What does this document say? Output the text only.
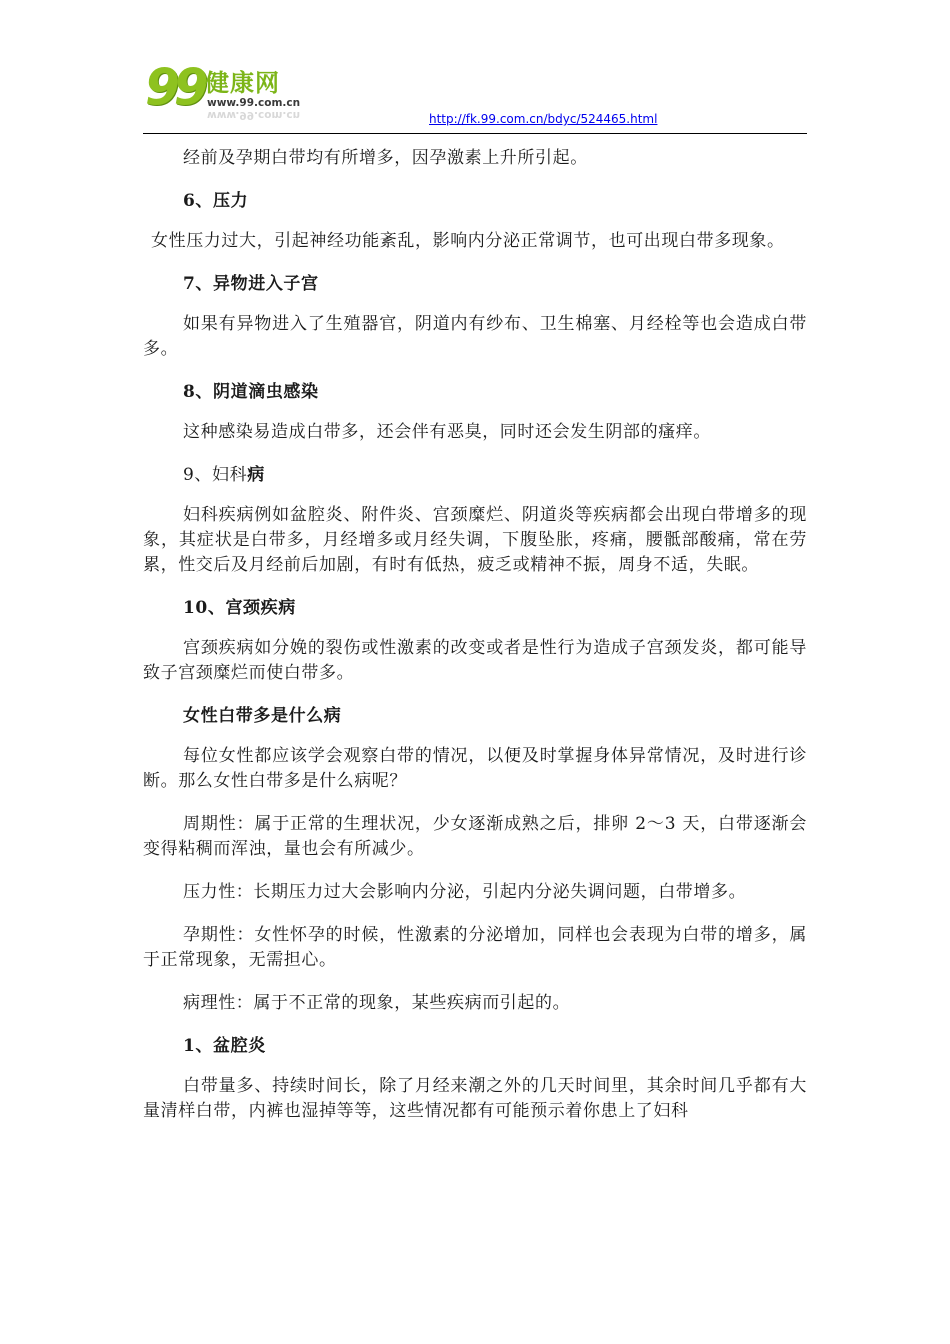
99 健康网
www.99.com.cn
www.99.com.cn	http://fk.99.com.cn/bdyc/524465.html

经前及孕期白带均有所增多，因孕激素上升所引起。

6、压力

女性压力过大，引起神经功能紊乱，影响内分泌正常调节，也可出现白带多现象。

7、异物进入子宫

如果有异物进入了生殖器官，阴道内有纱布、卫生棉塞、月经栓等也会造成白带多。

8、阴道滴虫感染

这种感染易造成白带多，还会伴有恶臭，同时还会发生阴部的瘙痒。

9、妇科病

妇科疾病例如盆腔炎、附件炎、宫颈糜烂、阴道炎等疾病都会出现白带增多的现象，其症状是白带多，月经增多或月经失调，下腹坠胀，疼痛，腰骶部酸痛，常在劳累，性交后及月经前后加剧，有时有低热，疲乏或精神不振，周身不适，失眠。

10、宫颈疾病

宫颈疾病如分娩的裂伤或性激素的改变或者是性行为造成子宫颈发炎，都可能导致子宫颈糜烂而使白带多。

女性白带多是什么病

每位女性都应该学会观察白带的情况，以便及时掌握身体异常情况，及时进行诊断。那么女性白带多是什么病呢？

周期性：属于正常的生理状况，少女逐渐成熟之后，排卵 2～3 天，白带逐渐会变得粘稠而浑浊，量也会有所减少。

压力性：长期压力过大会影响内分泌，引起内分泌失调问题，白带增多。

孕期性：女性怀孕的时候，性激素的分泌增加，同样也会表现为白带的增多，属于正常现象，无需担心。

病理性：属于不正常的现象，某些疾病而引起的。

1、盆腔炎

白带量多、持续时间长，除了月经来潮之外的几天时间里，其余时间几乎都有大量清样白带，内裤也湿掉等等，这些情况都有可能预示着你患上了妇科
